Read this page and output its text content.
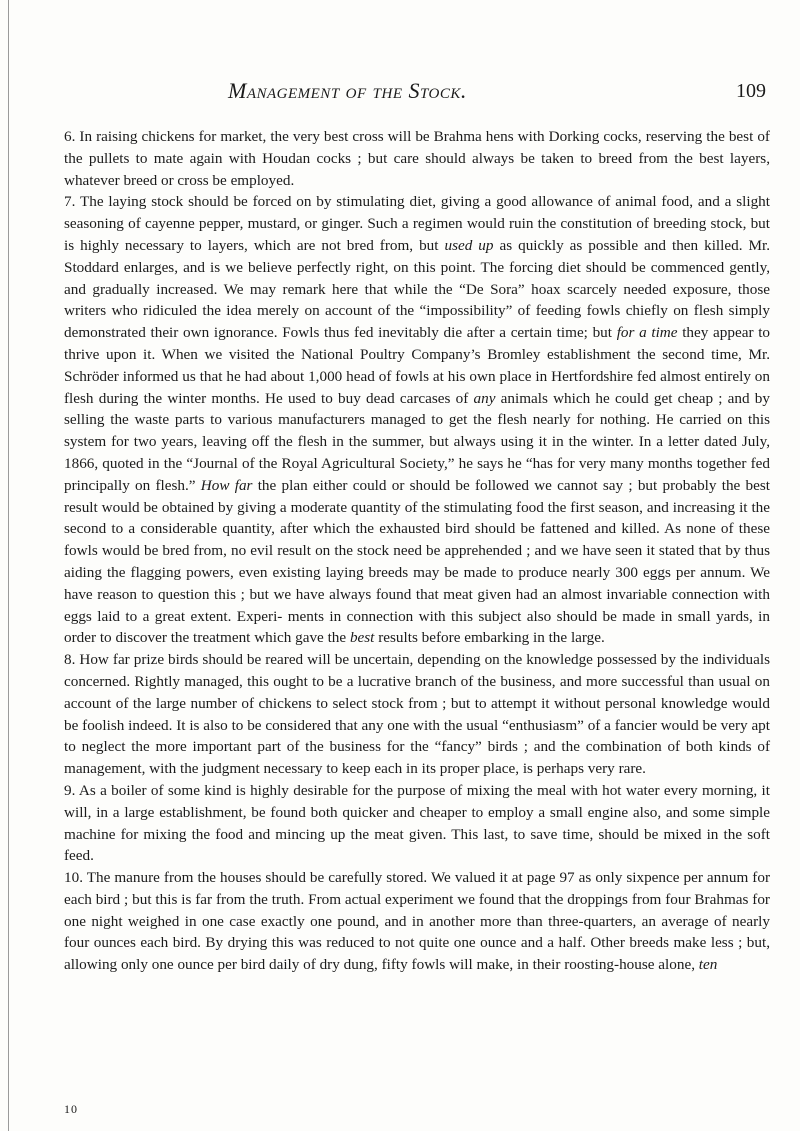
Management of the Stock.	109

6. In raising chickens for market, the very best cross will be Brahma hens with Dorking cocks, reserving the best of the pullets to mate again with Houdan cocks ; but care should always be taken to breed from the best layers, whatever breed or cross be employed.

7. The laying stock should be forced on by stimulating diet, giving a good allowance of animal food, and a slight seasoning of cayenne pepper, mustard, or ginger. Such a regimen would ruin the constitution of breeding stock, but is highly necessary to layers, which are not bred from, but used up as quickly as possible and then killed. Mr. Stoddard enlarges, and is we believe perfectly right, on this point. The forcing diet should be commenced gently, and gradually increased. We may remark here that while the “De Sora” hoax scarcely needed exposure, those writers who ridiculed the idea merely on account of the “impossibility” of feeding fowls chiefly on flesh simply demonstrated their own ignorance. Fowls thus fed inevitably die after a certain time; but for a time they appear to thrive upon it. When we visited the National Poultry Company’s Bromley establishment the second time, Mr. Schröder informed us that he had about 1,000 head of fowls at his own place in Hertfordshire fed almost entirely on flesh during the winter months. He used to buy dead carcases of any animals which he could get cheap ; and by selling the waste parts to various manufacturers managed to get the flesh nearly for nothing. He carried on this system for two years, leaving off the flesh in the summer, but always using it in the winter. In a letter dated July, 1866, quoted in the “Journal of the Royal Agricultural Society,” he says he “has for very many months together fed principally on flesh.” How far the plan either could or should be followed we cannot say ; but probably the best result would be obtained by giving a moderate quantity of the stimulating food the first season, and increasing it the second to a considerable quantity, after which the exhausted bird should be fattened and killed. As none of these fowls would be bred from, no evil result on the stock need be apprehended ; and we have seen it stated that by thus aiding the flagging powers, even existing laying breeds may be made to produce nearly 300 eggs per annum. We have reason to question this ; but we have always found that meat given had an almost invariable connection with eggs laid to a great extent. Experi- ments in connection with this subject also should be made in small yards, in order to discover the treatment which gave the best results before embarking in the large.

8. How far prize birds should be reared will be uncertain, depending on the knowledge possessed by the individuals concerned. Rightly managed, this ought to be a lucrative branch of the business, and more successful than usual on account of the large number of chickens to select stock from ; but to attempt it without personal knowledge would be foolish indeed. It is also to be considered that any one with the usual “enthusiasm” of a fancier would be very apt to neglect the more important part of the business for the “fancy” birds ; and the combination of both kinds of management, with the judgment necessary to keep each in its proper place, is perhaps very rare.

9. As a boiler of some kind is highly desirable for the purpose of mixing the meal with hot water every morning, it will, in a large establishment, be found both quicker and cheaper to employ a small engine also, and some simple machine for mixing the food and mincing up the meat given. This last, to save time, should be mixed in the soft feed.

10. The manure from the houses should be carefully stored. We valued it at page 97 as only sixpence per annum for each bird ; but this is far from the truth. From actual experiment we found that the droppings from four Brahmas for one night weighed in one case exactly one pound, and in another more than three-quarters, an average of nearly four ounces each bird. By drying this was reduced to not quite one ounce and a half. Other breeds make less ; but, allowing only one ounce per bird daily of dry dung, fifty fowls will make, in their roosting-house alone, ten

10
